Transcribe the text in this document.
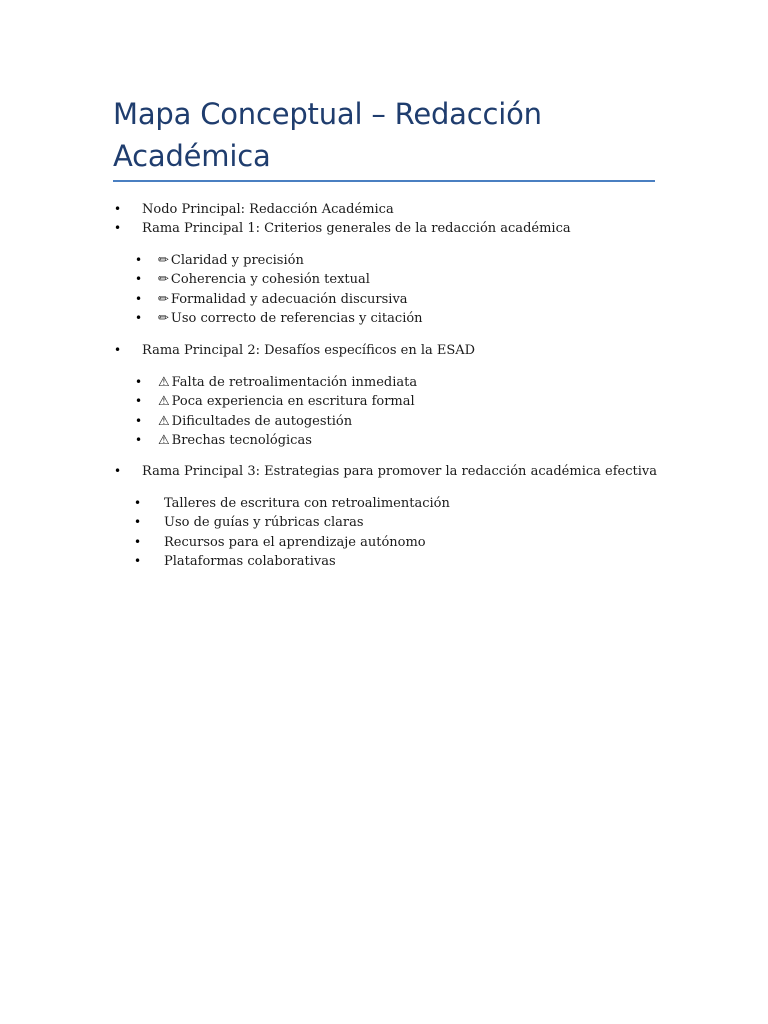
Mapa Conceptual – Redacción Académica
• Nodo Principal: Redacción Académica
• Rama Principal 1: Criterios generales de la redacción académica
• ✏ Claridad y precisión
• ✏ Coherencia y cohesión textual
• ✏ Formalidad y adecuación discursiva
• ✏ Uso correcto de referencias y citación
• Rama Principal 2: Desafíos específicos en la ESAD
• ⚠ Falta de retroalimentación inmediata
• ⚠ Poca experiencia en escritura formal
• ⚠ Dificultades de autogestión
• ⚠ Brechas tecnológicas
• Rama Principal 3: Estrategias para promover la redacción académica efectiva
• Talleres de escritura con retroalimentación
• Uso de guías y rúbricas claras
• Recursos para el aprendizaje autónomo
• Plataformas colaborativas
